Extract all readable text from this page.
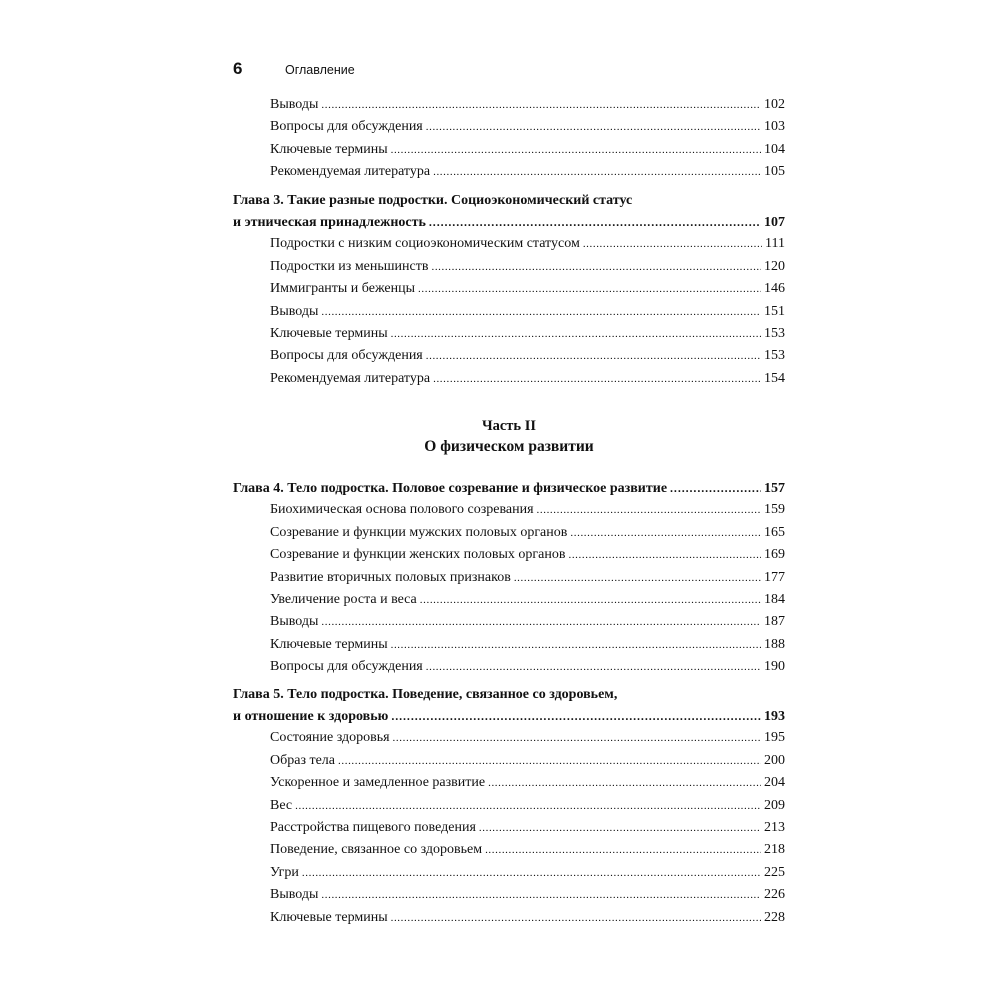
6	Оглавление
Выводы .....	102
Вопросы для обсуждения .....	103
Ключевые термины .....	104
Рекомендуемая литература .....	105
Глава 3. Такие разные подростки. Социоэкономический статус
и этническая принадлежность .....	107
Подростки с низким социоэкономическим статусом .....	111
Подростки из меньшинств .....	120
Иммигранты и беженцы .....	146
Выводы .....	151
Ключевые термины .....	153
Вопросы для обсуждения .....	153
Рекомендуемая литература .....	154
Часть II
О физическом развитии
Глава 4. Тело подростка. Половое созревание и физическое развитие .....	157
Биохимическая основа полового созревания .....	159
Созревание и функции мужских половых органов .....	165
Созревание и функции женских половых органов .....	169
Развитие вторичных половых признаков .....	177
Увеличение роста и веса .....	184
Выводы .....	187
Ключевые термины .....	188
Вопросы для обсуждения .....	190
Глава 5. Тело подростка. Поведение, связанное со здоровьем,
и отношение к здоровью .....	193
Состояние здоровья .....	195
Образ тела .....	200
Ускоренное и замедленное развитие .....	204
Вес .....	209
Расстройства пищевого поведения .....	213
Поведение, связанное со здоровьем .....	218
Угри .....	225
Выводы .....	226
Ключевые термины .....	228
